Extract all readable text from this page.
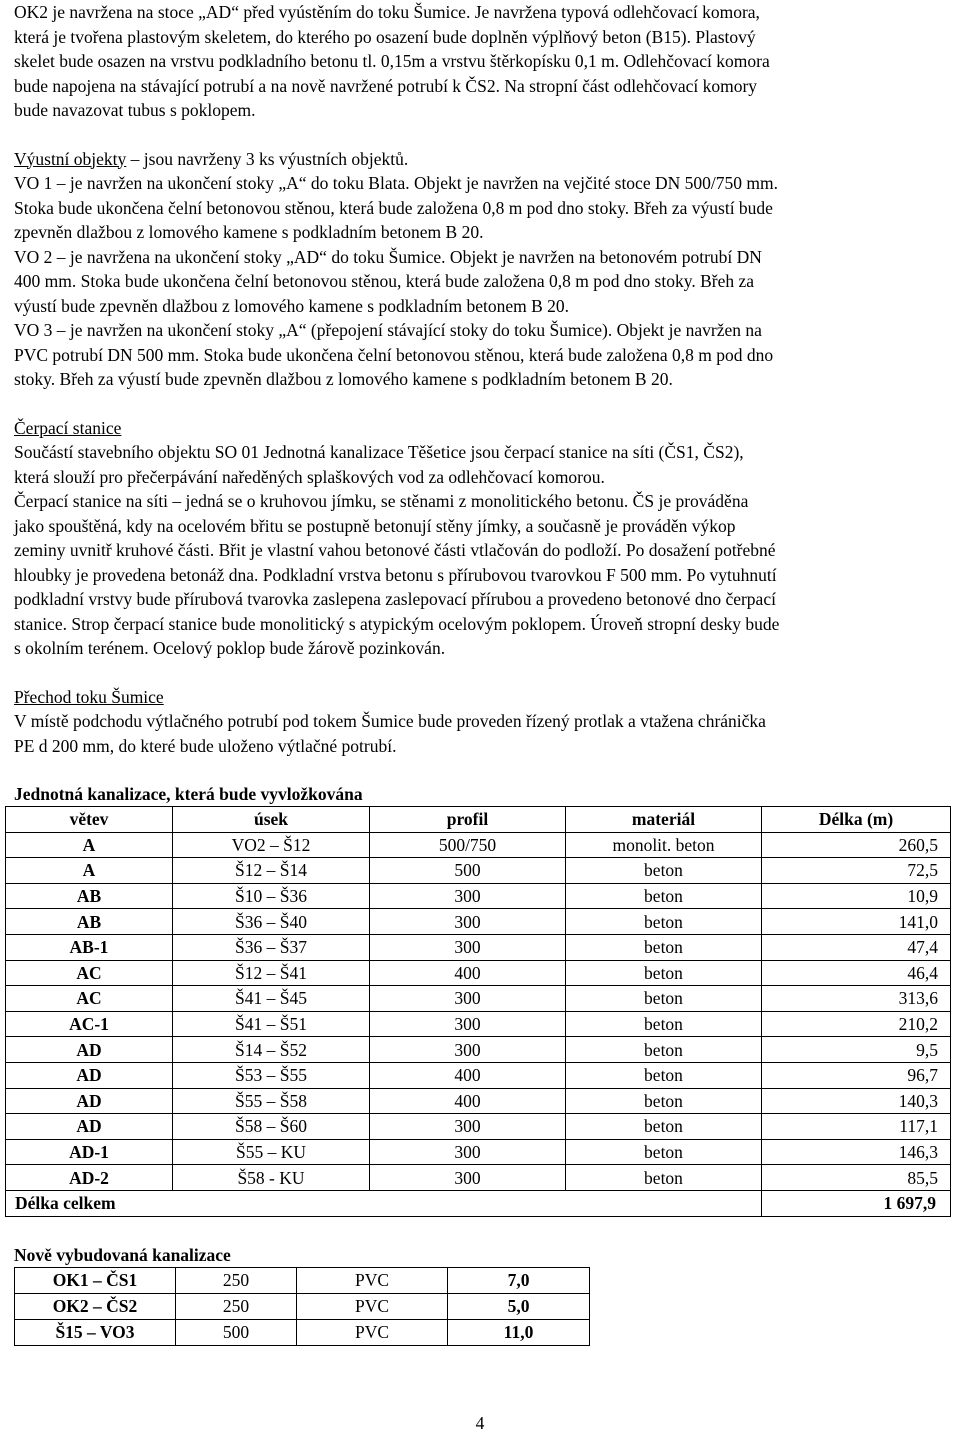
OK2 je navržena na stoce „AD“ před vyústěním do toku Šumice. Je navržena typová odlehčovací komora,

která je tvořena plastovým skeletem, do kterého po osazení bude doplněn výplňový beton (B15). Plastový

skelet bude osazen na vrstvu podkladního betonu tl. 0,15m a vrstvu štěrkopísku 0,1 m. Odlehčovací komora

bude napojena na stávající potrubí a na nově navržené potrubí k ČS2. Na stropní část odlehčovací komory

bude navazovat tubus s poklopem.

Výustní objekty – jsou navrženy 3 ks výustních objektů.

VO 1 – je navržen na ukončení stoky „A“ do toku Blata. Objekt je navržen na vejčité stoce DN 500/750 mm.

Stoka bude ukončena čelní betonovou stěnou, která bude založena 0,8 m pod dno stoky. Břeh za výustí bude

zpevněn dlažbou z lomového kamene s podkladním betonem B 20.

VO 2 – je navržena na ukončení stoky „AD“ do toku Šumice. Objekt je navržen na betonovém potrubí DN

400 mm. Stoka bude ukončena čelní betonovou stěnou, která bude založena 0,8 m pod dno stoky. Břeh za

výustí bude zpevněn dlažbou z lomového kamene s podkladním betonem B 20.

VO 3 – je navržen na ukončení stoky „A“ (přepojení stávající stoky do toku Šumice). Objekt je navržen na

PVC potrubí DN 500 mm. Stoka bude ukončena čelní betonovou stěnou, která bude založena 0,8 m pod dno

stoky. Břeh za výustí bude zpevněn dlažbou z lomového kamene s podkladním betonem B 20.

Čerpací stanice

Součástí stavebního objektu SO 01 Jednotná kanalizace Těšetice jsou čerpací stanice na síti (ČS1, ČS2),

která slouží pro přečerpávání naředěných splaškových vod za odlehčovací komorou.

Čerpací stanice na síti – jedná se o kruhovou jímku, se stěnami z monolitického betonu. ČS je prováděna

jako spouštěná, kdy na ocelovém břitu se postupně betonují stěny jímky, a současně je prováděn výkop

zeminy uvnitř kruhové části. Břit je vlastní vahou betonové části vtlačován do podloží. Po dosažení potřebné

hloubky je provedena betonáž dna. Podkladní vrstva betonu s přírubovou tvarovkou F 500 mm. Po vytuhnutí

podkladní vrstvy bude přírubová tvarovka zaslepena zaslepovací přírubou a provedeno betonové dno čerpací

stanice. Strop čerpací stanice bude monolitický s atypickým ocelovým poklopem. Úroveň stropní desky bude

s okolním terénem. Ocelový poklop bude žárově pozinkován.

Přechod toku Šumice

V místě podchodu výtlačného potrubí pod tokem Šumice bude proveden řízený protlak a vtažena chránička

PE d 200 mm, do které bude uloženo výtlačné potrubí.

Jednotná kanalizace, která bude vyvložkována

větev	úsek	profil	materiál	Délka (m)
A	VO2 – Š12	500/750	monolit. beton	260,5
A	Š12 – Š14	500	beton	72,5
AB	Š10 – Š36	300	beton	10,9
AB	Š36 – Š40	300	beton	141,0
AB-1	Š36 – Š37	300	beton	47,4
AC	Š12 – Š41	400	beton	46,4
AC	Š41 – Š45	300	beton	313,6
AC-1	Š41 – Š51	300	beton	210,2
AD	Š14 – Š52	300	beton	9,5
AD	Š53 – Š55	400	beton	96,7
AD	Š55 – Š58	400	beton	140,3
AD	Š58 – Š60	300	beton	117,1
AD-1	Š55 – KU	300	beton	146,3
AD-2	Š58 - KU	300	beton	85,5
Délka celkem				1 697,9

Nově vybudovaná kanalizace

OK1 – ČS1	250	PVC	7,0
OK2 – ČS2	250	PVC	5,0
Š15 – VO3	500	PVC	11,0
4
